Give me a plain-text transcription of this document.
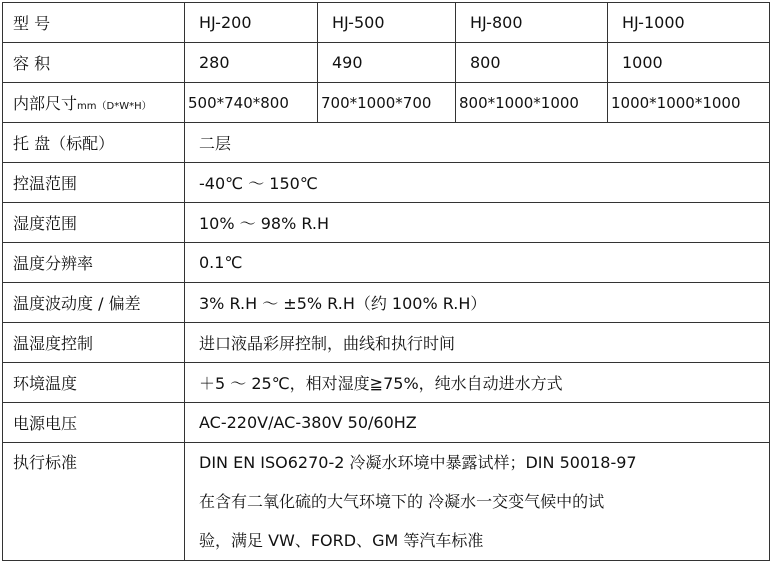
型 号	HJ-200	HJ-500	HJ-800	HJ-1000
容 积	280	490	800	1000
内部尺寸mm（D*W*H）	500*740*800	700*1000*700	800*1000*1000	1000*1000*1000
托 盘（标配）	二层			
控温范围	-40℃ ～ 150℃			
湿度范围	10% ～ 98% R.H			
温度分辨率	0.1℃			
温度波动度 / 偏差	3% R.H ～ ±5% R.H（约 100% R.H）			
温湿度控制	进口液晶彩屏控制，曲线和执行时间			
环境温度	＋5 ～ 25℃，相对湿度≧75%，纯水自动进水方式			
电源电压	AC-220V/AC-380V 50/60HZ			

执行标准	DIN EN ISO6270-2 冷凝水环境中暴露试样；DIN 50018-97
在含有二氧化硫的大气环境下的 冷凝水一交变气候中的试
验，满足 VW、FORD、GM 等汽车标准			
